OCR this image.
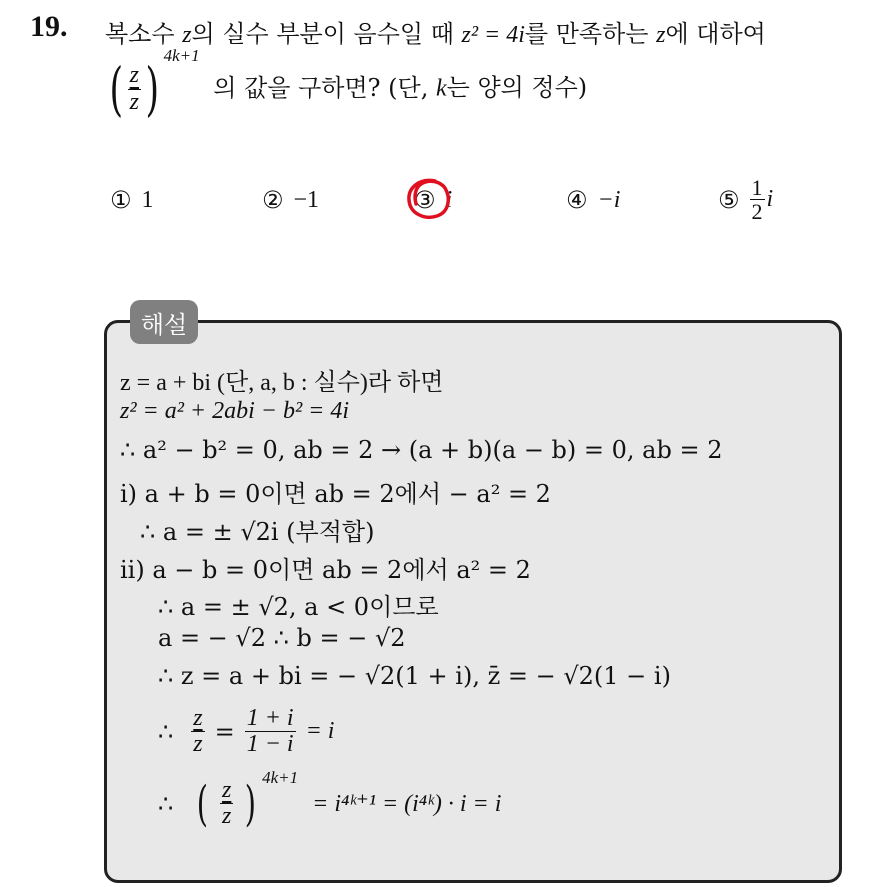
19. 복소수 z의 실수 부분이 음수일 때 z² = 4i를 만족하는 z에 대하여
( $\frac{z}{z}$ ) $^{4k+1}$ 의 값을 구하면? (단, k는 양의 정수)
① 1	② −1	③ i	④ −i	⑤ $\frac{1}{2}$ i
해설
z = a + bi (단, a, b : 실수)라 하면
z² = a² + 2abi − b² = 4i
∴ a² − b² = 0, ab = 2 → (a + b)(a − b) = 0, ab = 2
i) a + b = 0이면 ab = 2에서 − a² = 2
∴ a = ± √2i (부적합)
ii) a − b = 0이면 ab = 2에서 a² = 2
∴ a = ± √2, a < 0이므로
a = − √2 ∴ b = − √2
∴ z = a + bi = − √2(1 + i), z̄ = − √2(1 − i)
∴ $\frac{z}{z} = \frac{1 + i}{1 - i} = i$
∴ ( $\frac{z}{z}$ ) 4k+1
= i⁴ᵏ⁺¹ = (i⁴ᵏ) · i = i
